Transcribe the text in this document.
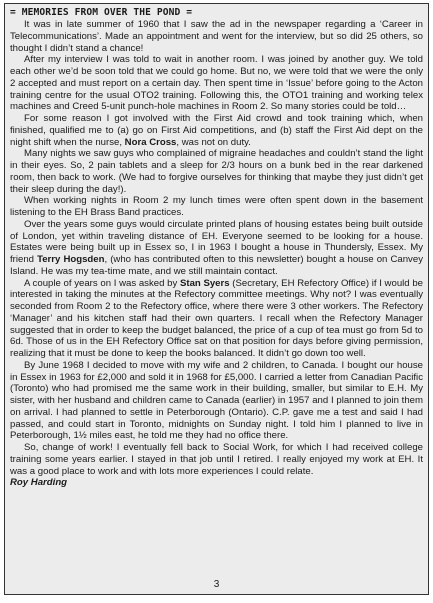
= MEMORIES FROM OVER THE POND =

It was in late summer of 1960 that I saw the ad in the newspaper regarding a ‘Career in Telecommunications’. Made an appointment and went for the interview, but so did 25 others, so thought I didn’t stand a chance!

After my interview I was told to wait in another room. I was joined by another guy. We told each other we’d be soon told that we could go home. But no, we were told that we were the only 2 accepted and must report on a certain day. Then spent time in ‘Issue’ before going to the Acton training centre for the usual OTO2 training. Following this, the OTO1 training and working telex machines and Creed 5-unit punch-hole machines in Room 2. So many stories could be told…

For some reason I got involved with the First Aid crowd and took training which, when finished, qualified me to (a) go on First Aid competitions, and (b) staff the First Aid dept on the night shift when the nurse, Nora Cross, was not on duty.

Many nights we saw guys who complained of migraine headaches and couldn’t stand the light in their eyes. So, 2 pain tablets and a sleep for 2/3 hours on a bunk bed in the rear darkened room, then back to work. (We had to forgive ourselves for thinking that maybe they just didn’t get their sleep during the day!).

When working nights in Room 2 my lunch times were often spent down in the basement listening to the EH Brass Band practices.

Over the years some guys would circulate printed plans of housing estates being built outside of London, yet within traveling distance of EH. Everyone seemed to be looking for a house. Estates were being built up in Essex so, I in 1963 I bought a house in Thundersly, Essex. My friend Terry Hogsden, (who has contributed often to this newsletter) bought a house on Canvey Island. He was my tea-time mate, and we still maintain contact.

A couple of years on I was asked by Stan Syers (Secretary, EH Refectory Office) if I would be interested in taking the minutes at the Refectory committee meetings. Why not? I was eventually seconded from Room 2 to the Refectory office, where there were 3 other workers. The Refectory ‘Manager’ and his kitchen staff had their own quarters. I recall when the Refectory Manager suggested that in order to keep the budget balanced, the price of a cup of tea must go from 5d to 6d. Those of us in the EH Refectory Office sat on that position for days before giving permission, realizing that it must be done to keep the books balanced. It didn’t go down too well.

By June 1968 I decided to move with my wife and 2 children, to Canada. I bought our house in Essex in 1963 for £2,000 and sold it in 1968 for £5,000. I carried a letter from Canadian Pacific (Toronto) who had promised me the same work in their building, smaller, but similar to E.H. My sister, with her husband and children came to Canada (earlier) in 1957 and I planned to join them on arrival. I had planned to settle in Peterborough (Ontario). C.P. gave me a test and said I had passed, and could start in Toronto, midnights on Sunday night. I told him I planned to live in Peterborough, 1½ miles east, he told me they had no office there.

So, change of work! I eventually fell back to Social Work, for which I had received college training some years earlier. I stayed in that job until I retired. I really enjoyed my work at EH. It was a good place to work and with lots more experiences I could relate.

Roy Harding
3
